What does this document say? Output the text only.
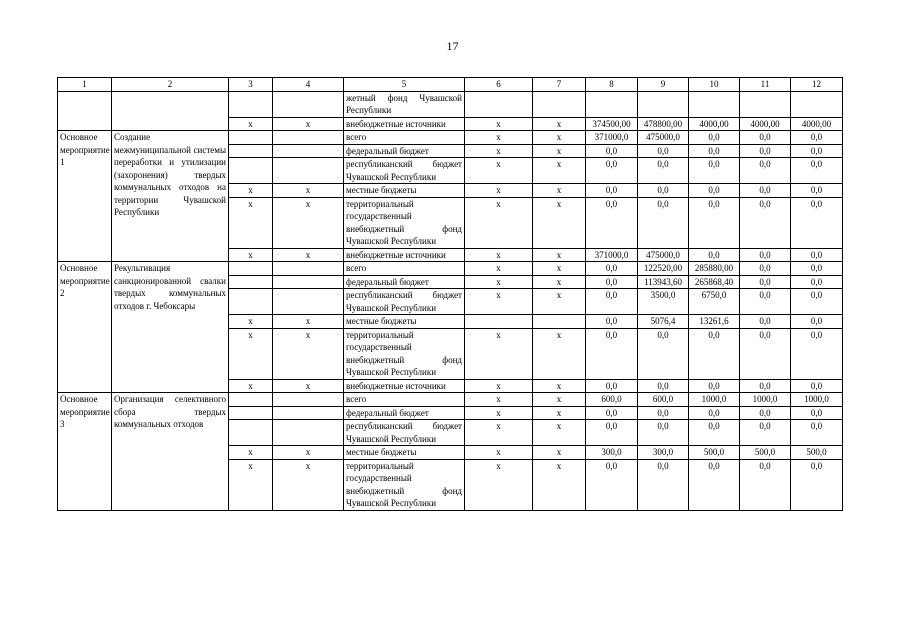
17
1	2	3	4	5	6	7	8	9	10	11	12
				жетный фонд Чувашской Республики							
		х	х	внебюджетные источники	х	х	374500,00	478800,00	4000,00	4000,00	4000,00
Основное мероприятие 1	Создание межмуниципальной системы переработки и утилизации (захоронения) твердых коммунальных отходов на территории Чувашской Республики			всего	х	х	371000,0	475000,0	0,0	0,0	0,0
				федеральный бюджет	х	х	0,0	0,0	0,0	0,0	0,0
				республиканский бюджет Чувашской Республики	х	х	0,0	0,0	0,0	0,0	0,0
		х	х	местные бюджеты	х	х	0,0	0,0	0,0	0,0	0,0
		х	х	территориальный государственный внебюджетный фонд Чувашской Республики	х	х	0,0	0,0	0,0	0,0	0,0
		х	х	внебюджетные источники	х	х	371000,0	475000,0	0,0	0,0	0,0
Основное мероприятие 2	Рекультивация санкционированной свалки твердых коммунальных отходов г. Чебоксары			всего	х	х	0,0	122520,00	285880,00	0,0	0,0
				федеральный бюджет	х	х	0,0	113943,60	265868,40	0,0	0,0
				республиканский бюджет Чувашской Республики	х	х	0,0	3500,0	6750,0	0,0	0,0
		х	х	местные бюджеты			0,0	5076,4	13261,6	0,0	0,0
		х	х	территориальный государственный внебюджетный фонд Чувашской Республики	х	х	0,0	0,0	0,0	0,0	0,0
		х	х	внебюджетные источники	х	х	0,0	0,0	0,0	0,0	0,0
Основное мероприятие 3	Организация селективного сбора твердых коммунальных отходов			всего	х	х	600,0	600,0	1000,0	1000,0	1000,0
				федеральный бюджет	х	х	0,0	0,0	0,0	0,0	0,0
				республиканский бюджет Чувашской Республики	х	х	0,0	0,0	0,0	0,0	0,0
		х	х	местные бюджеты	х	х	300,0	300,0	500,0	500,0	500,0
		х	х	территориальный государственный внебюджетный фонд Чувашской Республики	х	х	0,0	0,0	0,0	0,0	0,0
